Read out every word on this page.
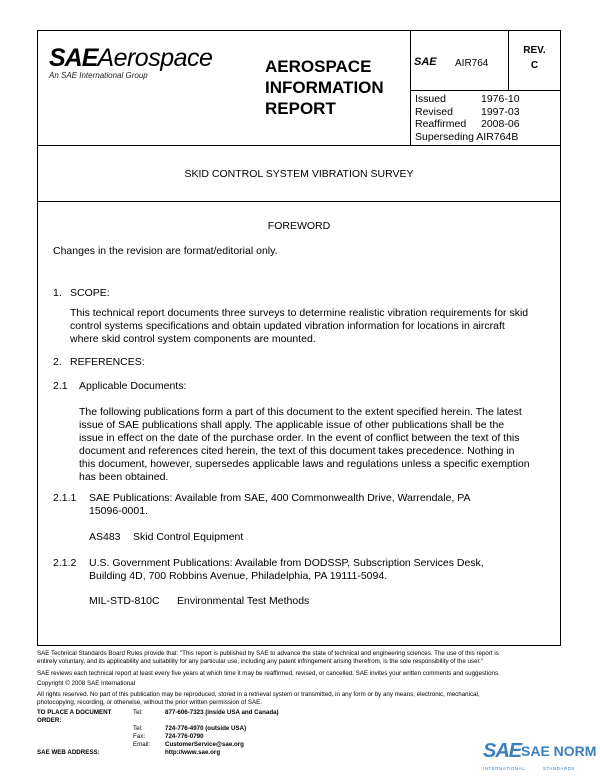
SAEAerospace
An SAE International Group	AEROSPACE
INFORMATION
REPORT
SAE AIR764
REV.
C
Issued	1976-10
Revised	1997-03
Reaffirmed 2008-06
Superseding AIR764B
SKID CONTROL SYSTEM VIBRATION SURVEY
FOREWORD
Changes in the revision are format/editorial only.
1. SCOPE:
This technical report documents three surveys to determine realistic vibration requirements for skid
control systems specifications and obtain updated vibration information for locations in aircraft
where skid control system components are mounted.
2. REFERENCES:
2.1 Applicable Documents:
The following publications form a part of this document to the extent specified herein. The latest
issue of SAE publications shall apply. The applicable issue of other publications shall be the
issue in effect on the date of the purchase order. In the event of conflict between the text of this
document and references cited herein, the text of this document takes precedence. Nothing in
this document, however, supersedes applicable laws and regulations unless a specific exemption
has been obtained.
2.1.1 SAE Publications: Available from SAE, 400 Commonwealth Drive, Warrendale, PA
15096-0001.
AS483 Skid Control Equipment
2.1.2 U.S. Government Publications: Available from DODSSP, Subscription Services Desk,
Building 4D, 700 Robbins Avenue, Philadelphia, PA 19111-5094.
MIL-STD-810C Environmental Test Methods
SAE Technical Standards Board Rules provide that: "This report is published by SAE to advance the state of technical and engineering sciences. The use of this report is
entirely voluntary, and its applicability and suitability for any particular use, including any patent infringement arising therefrom, is the sole responsibility of the user."
SAE reviews each technical report at least every five years at which time it may be reaffirmed, revised, or cancelled. SAE invites your written comments and suggestions.
Copyright © 2008 SAE International
All rights reserved. No part of this publication may be reproduced, stored in a retrieval system or transmitted, in any form or by any means, electronic, mechanical,
photocopying, recording, or otherwise, without the prior written permission of SAE.
TO PLACE A DOCUMENT ORDER:
Tel:	877-606-7323 (inside USA and Canada)
Tel:	724-776-4970 (outside USA)
Fax:	724-776-0790
Email:	CustomerService@sae.org
SAE WEB ADDRESS:	http://www.sae.org	SAE SAE NORM
INTERNATIONAL	STANDARDS
